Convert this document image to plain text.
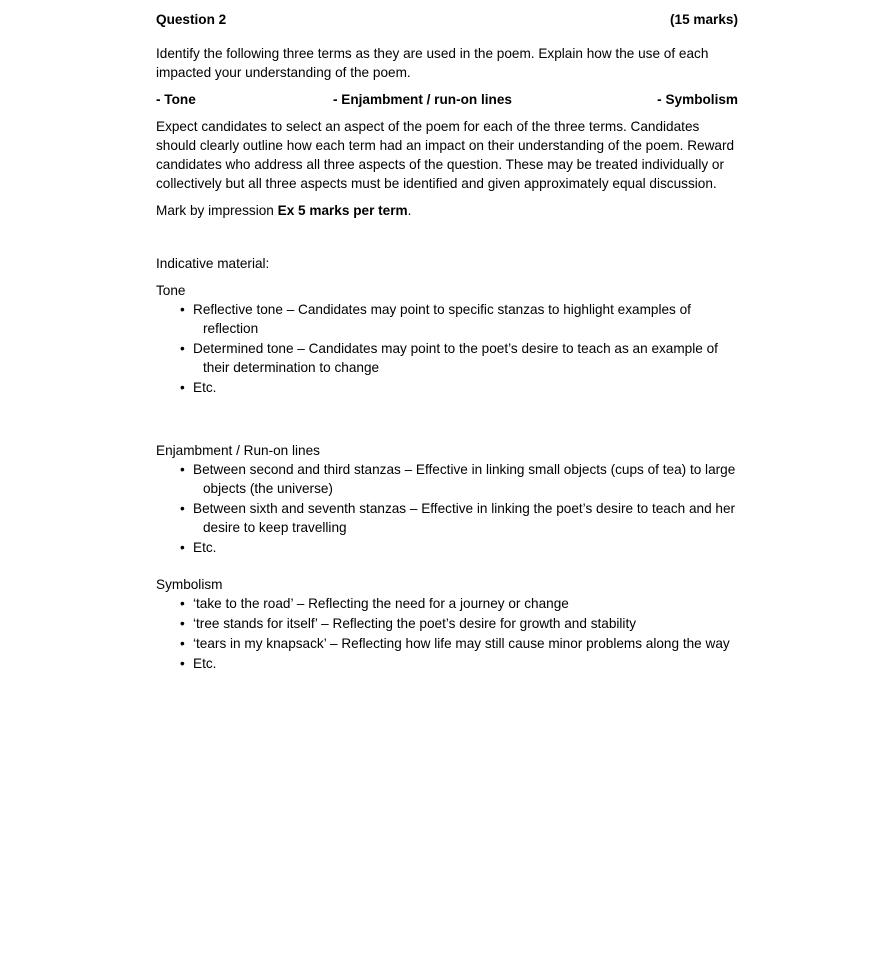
Question 2	(15 marks)

Identify the following three terms as they are used in the poem. Explain how the use of each impacted your understanding of the poem.

- Tone	- Enjambment / run-on lines	- Symbolism

Expect candidates to select an aspect of the poem for each of the three terms. Candidates should clearly outline how each term had an impact on their understanding of the poem. Reward candidates who address all three aspects of the question. These may be treated individually or collectively but all three aspects must be identified and given approximately equal discussion.

Mark by impression Ex 5 marks per term.

Indicative material:

Tone

• Reflective tone – Candidates may point to specific stanzas to highlight examples of reflection
• Determined tone – Candidates may point to the poet’s desire to teach as an example of their determination to change
• Etc.

Enjambment / Run-on lines

• Between second and third stanzas – Effective in linking small objects (cups of tea) to large objects (the universe)
• Between sixth and seventh stanzas – Effective in linking the poet’s desire to teach and her desire to keep travelling
• Etc.

Symbolism

• ‘take to the road’ – Reflecting the need for a journey or change
• ‘tree stands for itself’ – Reflecting the poet’s desire for growth and stability
• ‘tears in my knapsack’ – Reflecting how life may still cause minor problems along the way
• Etc.
